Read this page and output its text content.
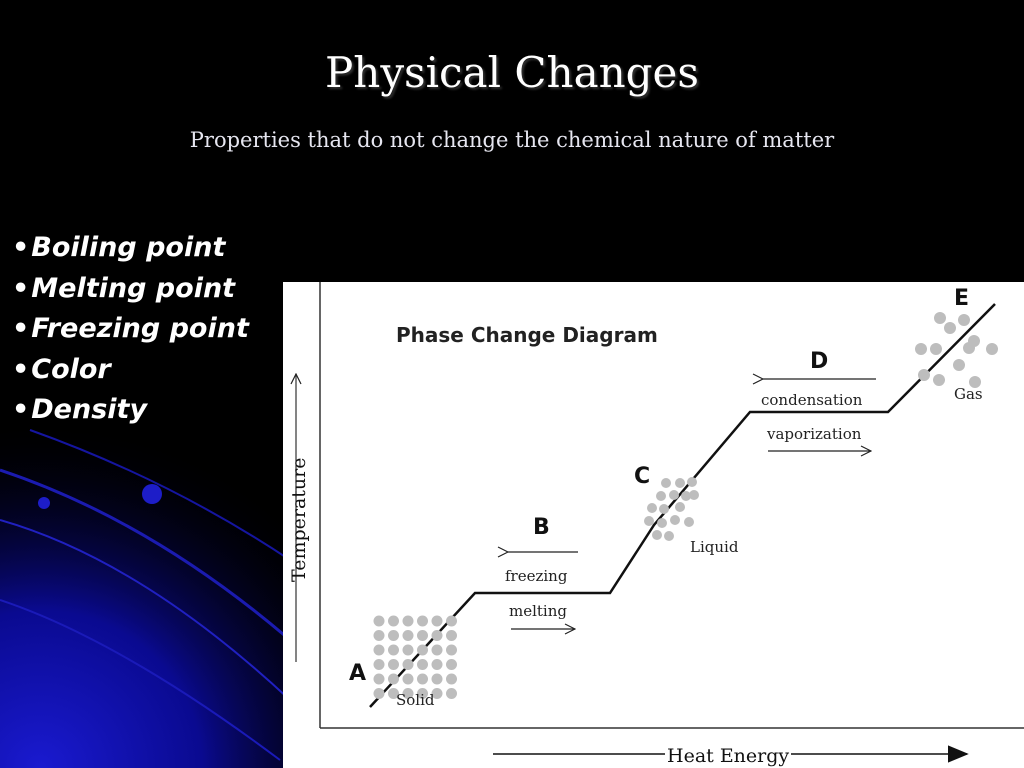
Physical Changes
Properties that do not change the chemical nature of matter
•Boiling point
•Melting point
•Freezing point
•Color
•Density
Temperature
Heat Energy
Phase Change Diagram
A
Solid
B
freezing
melting
C
Liquid
D
condensation
vaporization
E
Gas
